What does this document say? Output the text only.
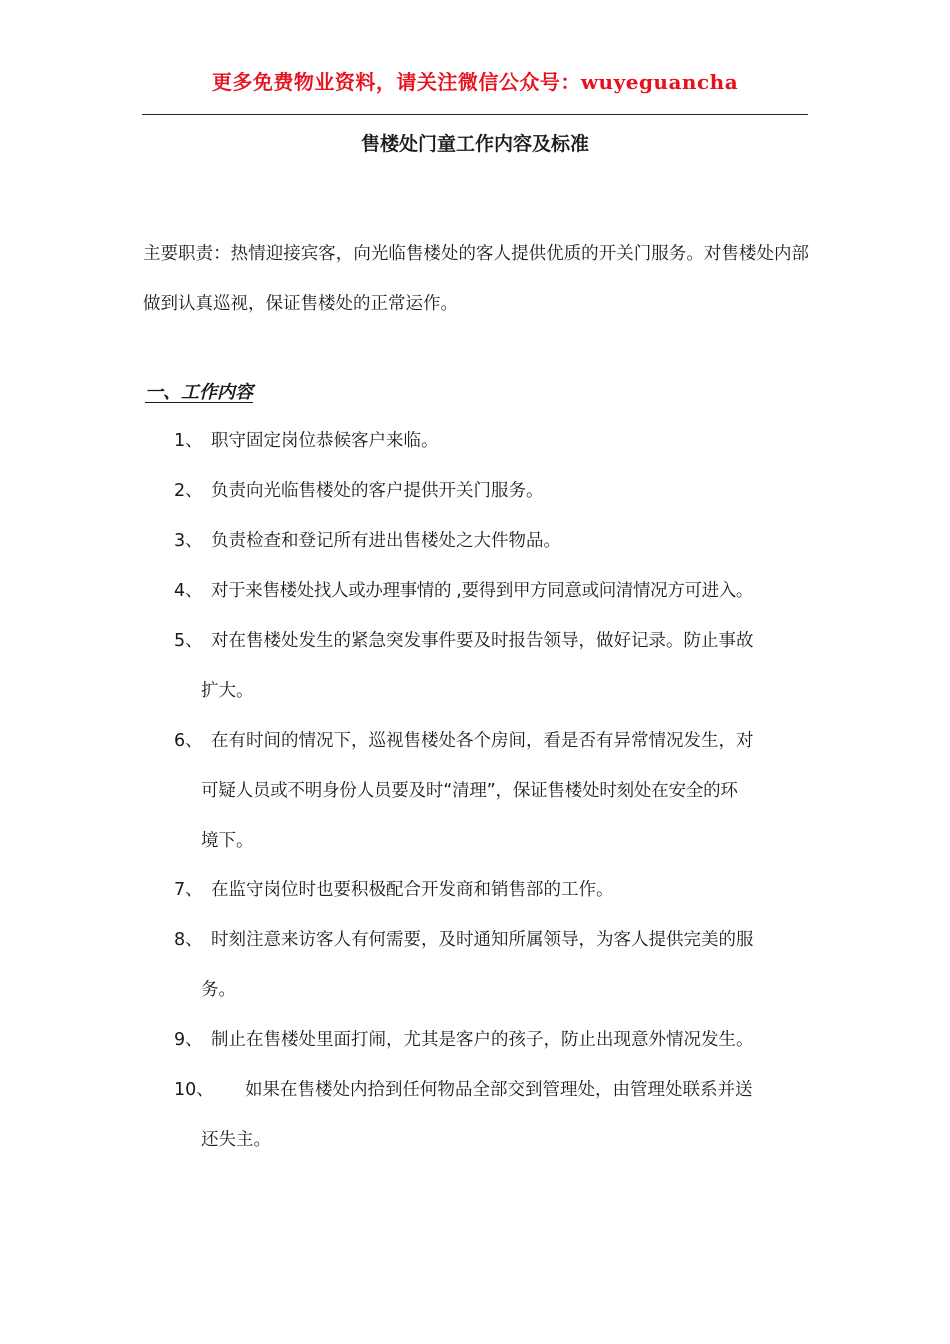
更多免费物业资料，请关注微信公众号：wuyeguancha
售楼处门童工作内容及标准
主要职责：热情迎接宾客，向光临售楼处的客人提供优质的开关门服务。对售楼处内部做到认真巡视，保证售楼处的正常运作。
一、工作内容
1、 职守固定岗位恭候客户来临。
2、 负责向光临售楼处的客户提供开关门服务。
3、 负责检查和登记所有进出售楼处之大件物品。
4、 对于来售楼处找人或办理事情的 ,要得到甲方同意或问清情况方可进入。
5、 对在售楼处发生的紧急突发事件要及时报告领导，做好记录。防止事故
扩大。
6、 在有时间的情况下，巡视售楼处各个房间，看是否有异常情况发生，对
可疑人员或不明身份人员要及时“清理”，保证售楼处时刻处在安全的环
境下。
7、 在监守岗位时也要积极配合开发商和销售部的工作。
8、 时刻注意来访客人有何需要，及时通知所属领导，为客人提供完美的服
务。
9、 制止在售楼处里面打闹，尤其是客户的孩子，防止出现意外情况发生。
10、 如果在售楼处内拾到任何物品全部交到管理处，由管理处联系并送
还失主。
